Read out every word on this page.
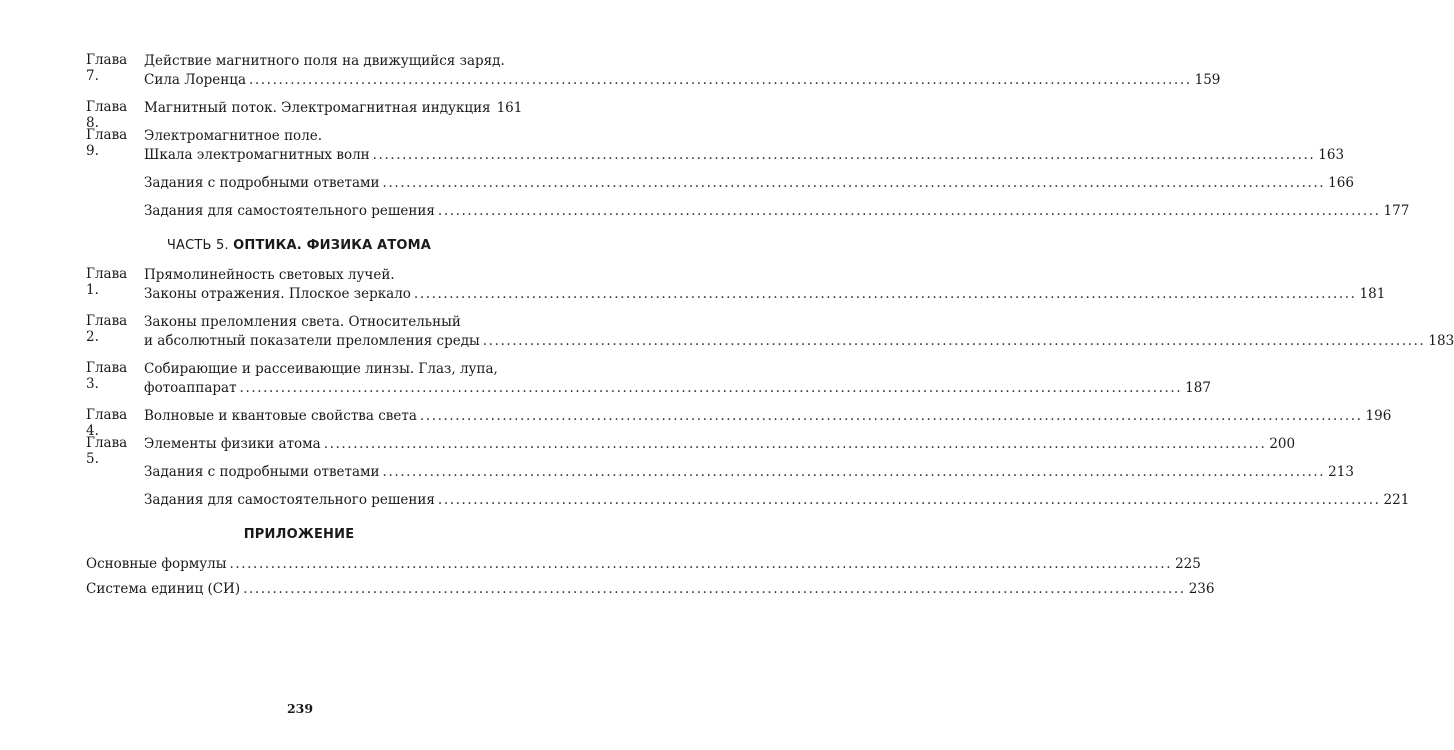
Глава 7.
Действие магнитного поля на движущийся заряд.
Сила Лоренца ................................................................................................................................................................ 159
Глава 8.
Магнитный поток. Электромагнитная индукция 161
Глава 9.
Электромагнитное поле.
Шкала электромагнитных волн ................................................................................................................................................................ 163
Задания с подробными ответами ................................................................................................................................................................ 166
Задания для самостоятельного решения ................................................................................................................................................................ 177
ЧАСТЬ 5. ОПТИКА. ФИЗИКА АТОМА
Глава 1.
Прямолинейность световых лучей.
Законы отражения. Плоское зеркало ................................................................................................................................................................ 181
Глава 2.
Законы преломления света. Относительный
и абсолютный показатели преломления среды ................................................................................................................................................................ 183
Глава 3.
Собирающие и рассеивающие линзы. Глаз, лупа,
фотоаппарат ................................................................................................................................................................ 187
Глава 4.
Волновые и квантовые свойства света ................................................................................................................................................................ 196
Глава 5.
Элементы физики атома ................................................................................................................................................................ 200
Задания с подробными ответами ................................................................................................................................................................ 213
Задания для самостоятельного решения ................................................................................................................................................................ 221
ПРИЛОЖЕНИЕ
Основные формулы ................................................................................................................................................................ 225
Система единиц (СИ) ................................................................................................................................................................ 236
239
